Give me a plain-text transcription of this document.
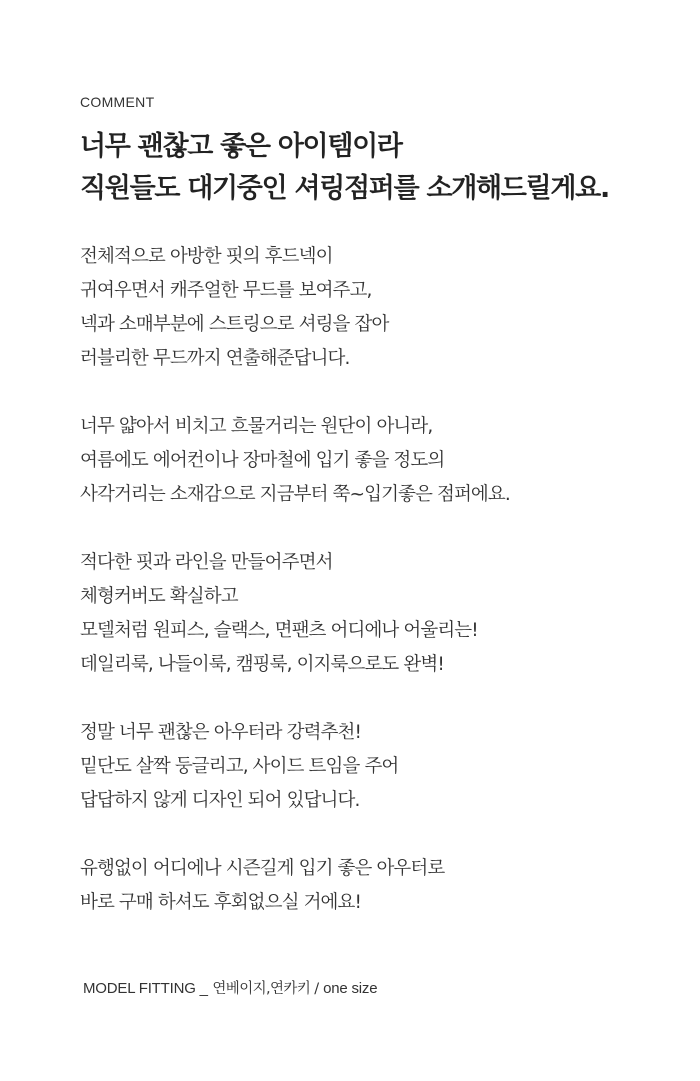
COMMENT
너무 괜찮고 좋은 아이템이라
직원들도 대기중인 셔링점퍼를 소개해드릴게요.

전체적으로 아방한 핏의 후드넥이
귀여우면서 캐주얼한 무드를 보여주고,
넥과 소매부분에 스트링으로 셔링을 잡아
러블리한 무드까지 연출해준답니다.

너무 얇아서 비치고 흐물거리는 원단이 아니라,
여름에도 에어컨이나 장마철에 입기 좋을 정도의
사각거리는 소재감으로 지금부터 쭉~입기좋은 점퍼에요.

적다한 핏과 라인을 만들어주면서
체형커버도 확실하고
모델처럼 원피스, 슬랙스, 면팬츠 어디에나 어울리는!
데일리룩, 나들이룩, 캠핑룩, 이지룩으로도 완벽!

정말 너무 괜찮은 아우터라 강력추천!
밑단도 살짝 둥글리고, 사이드 트임을 주어
답답하지 않게 디자인 되어 있답니다.

유행없이 어디에나 시즌길게 입기 좋은 아우터로
바로 구매 하셔도 후회없으실 거에요!

MODEL FITTING _ 연베이지,연카키 / one size
